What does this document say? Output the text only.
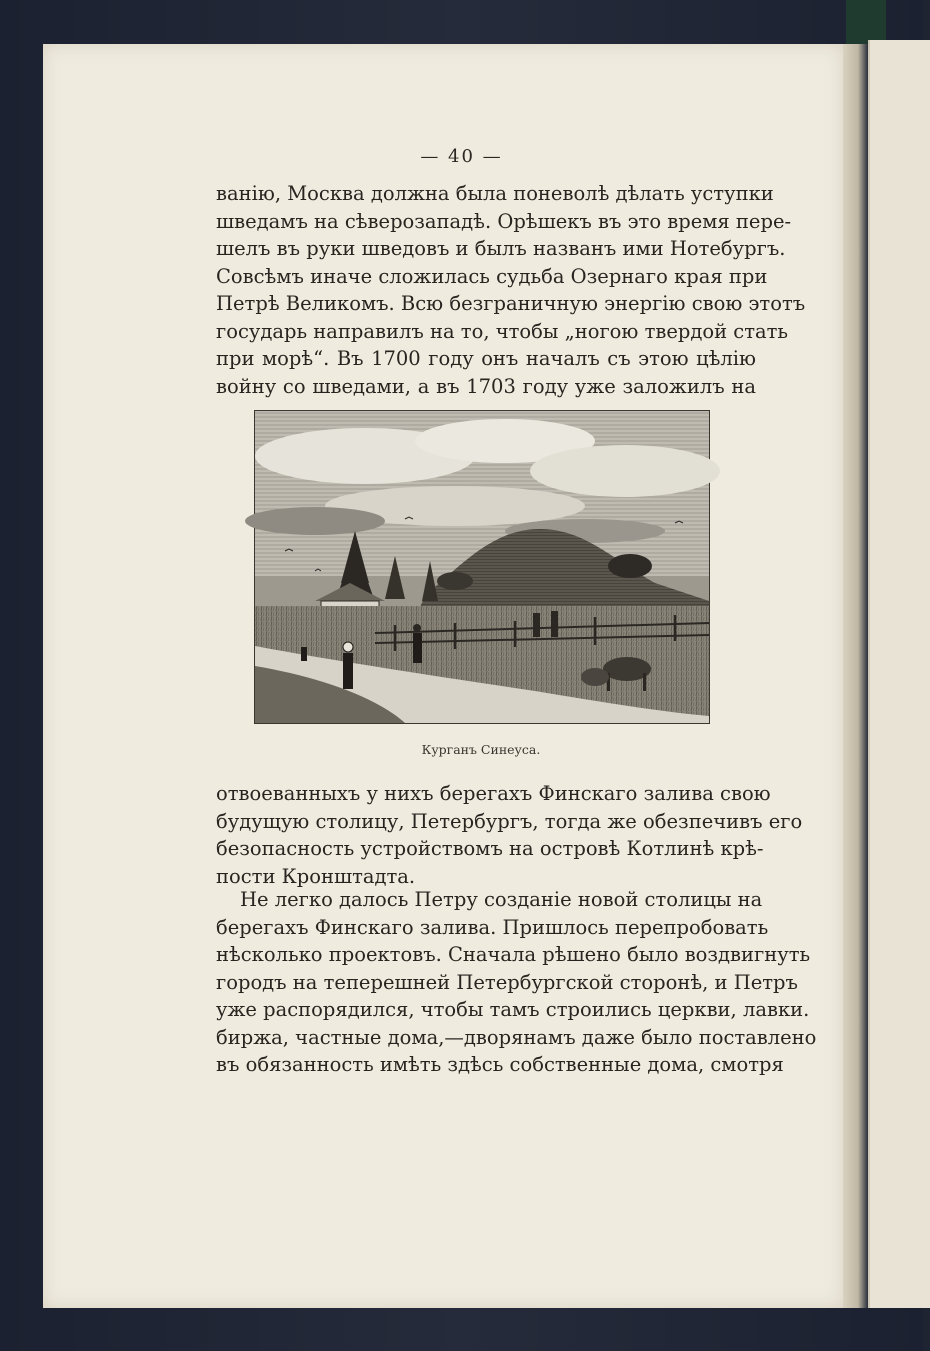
— 40 —
ванію, Москва должна была поневолѣ дѣлать уступки
шведамъ на сѣверозападѣ. Орѣшекъ въ это время пере-
шелъ въ руки шведовъ и былъ названъ ими Нотебургъ.
Совсѣмъ иначе сложилась судьба Озернаго края при
Петрѣ Великомъ. Всю безграничную энергію свою этотъ
государь направилъ на то, чтобы „ногою твердой стать
при морѣ“. Въ 1700 году онъ началъ съ этою цѣлію
войну со шведами, а въ 1703 году уже заложилъ на
Курганъ Синеуса.
отвоеванныхъ у нихъ берегахъ Финскаго залива свою
будущую столицу, Петербургъ, тогда же обезпечивъ его
безопасность устройствомъ на островѣ Котлинѣ крѣ-
пости Кронштадта.
Не легко далось Петру созданіе новой столицы на
берегахъ Финскаго залива. Пришлось перепробовать
нѣсколько проектовъ. Сначала рѣшено было воздвигнуть
городъ на теперешней Петербургской сторонѣ, и Петръ
уже распорядился, чтобы тамъ строились церкви, лавки.
биржа, частные дома,—дворянамъ даже было поставлено
въ обязанность имѣть здѣсь собственные дома, смотря
